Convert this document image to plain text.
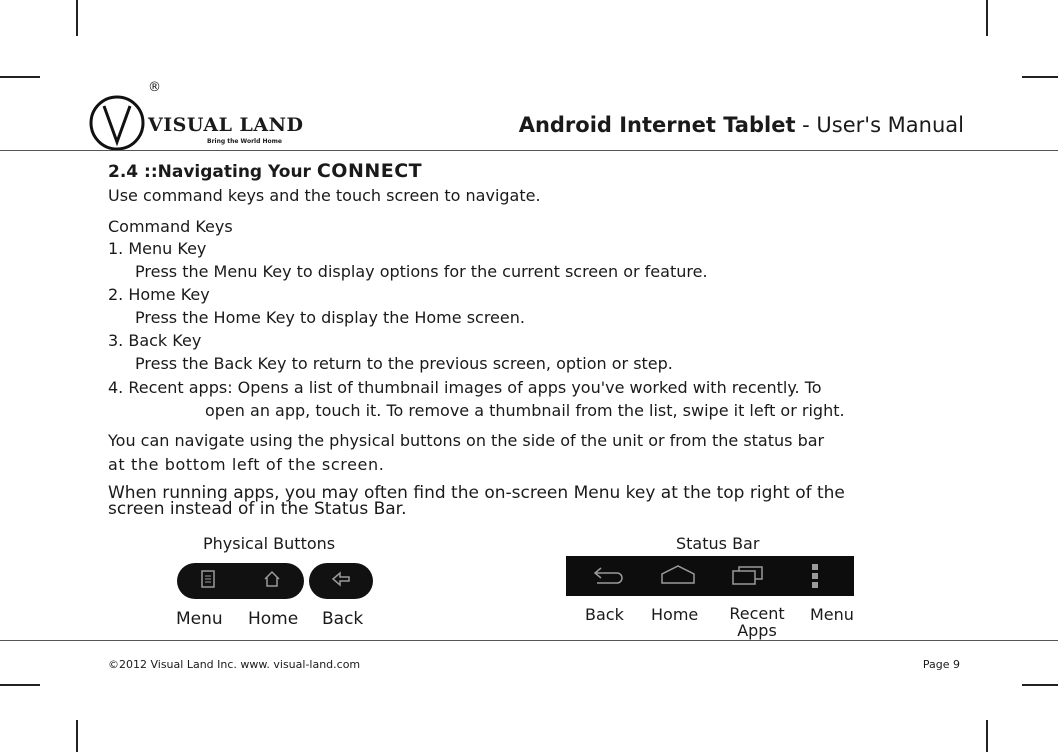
®
VISUAL LAND
Bring the World Home
Android Internet Tablet - User's Manual
2.4 ::Navigating Your CONNECT
Use command keys and the touch screen to navigate.
Command Keys
1. Menu Key
Press the Menu Key to display options for the current screen or feature.
2. Home Key
Press the Home Key to display the Home screen.
3. Back Key
Press the Back Key to return to the previous screen, option or step.
4. Recent apps: Opens a list of thumbnail images of apps you've worked with recently. To
open an app, touch it. To remove a thumbnail from the list, swipe it left or right.
You can navigate using the physical buttons on the side of the unit or from the status bar
at the bottom left of the screen.
When running apps, you may often find the on-screen Menu key at the top right of the
screen instead of in the Status Bar.
Physical Buttons
Menu Home Back
Status Bar
Back Home Recent
Apps
Menu
©2012 Visual Land Inc. www. visual-land.com	Page 9
